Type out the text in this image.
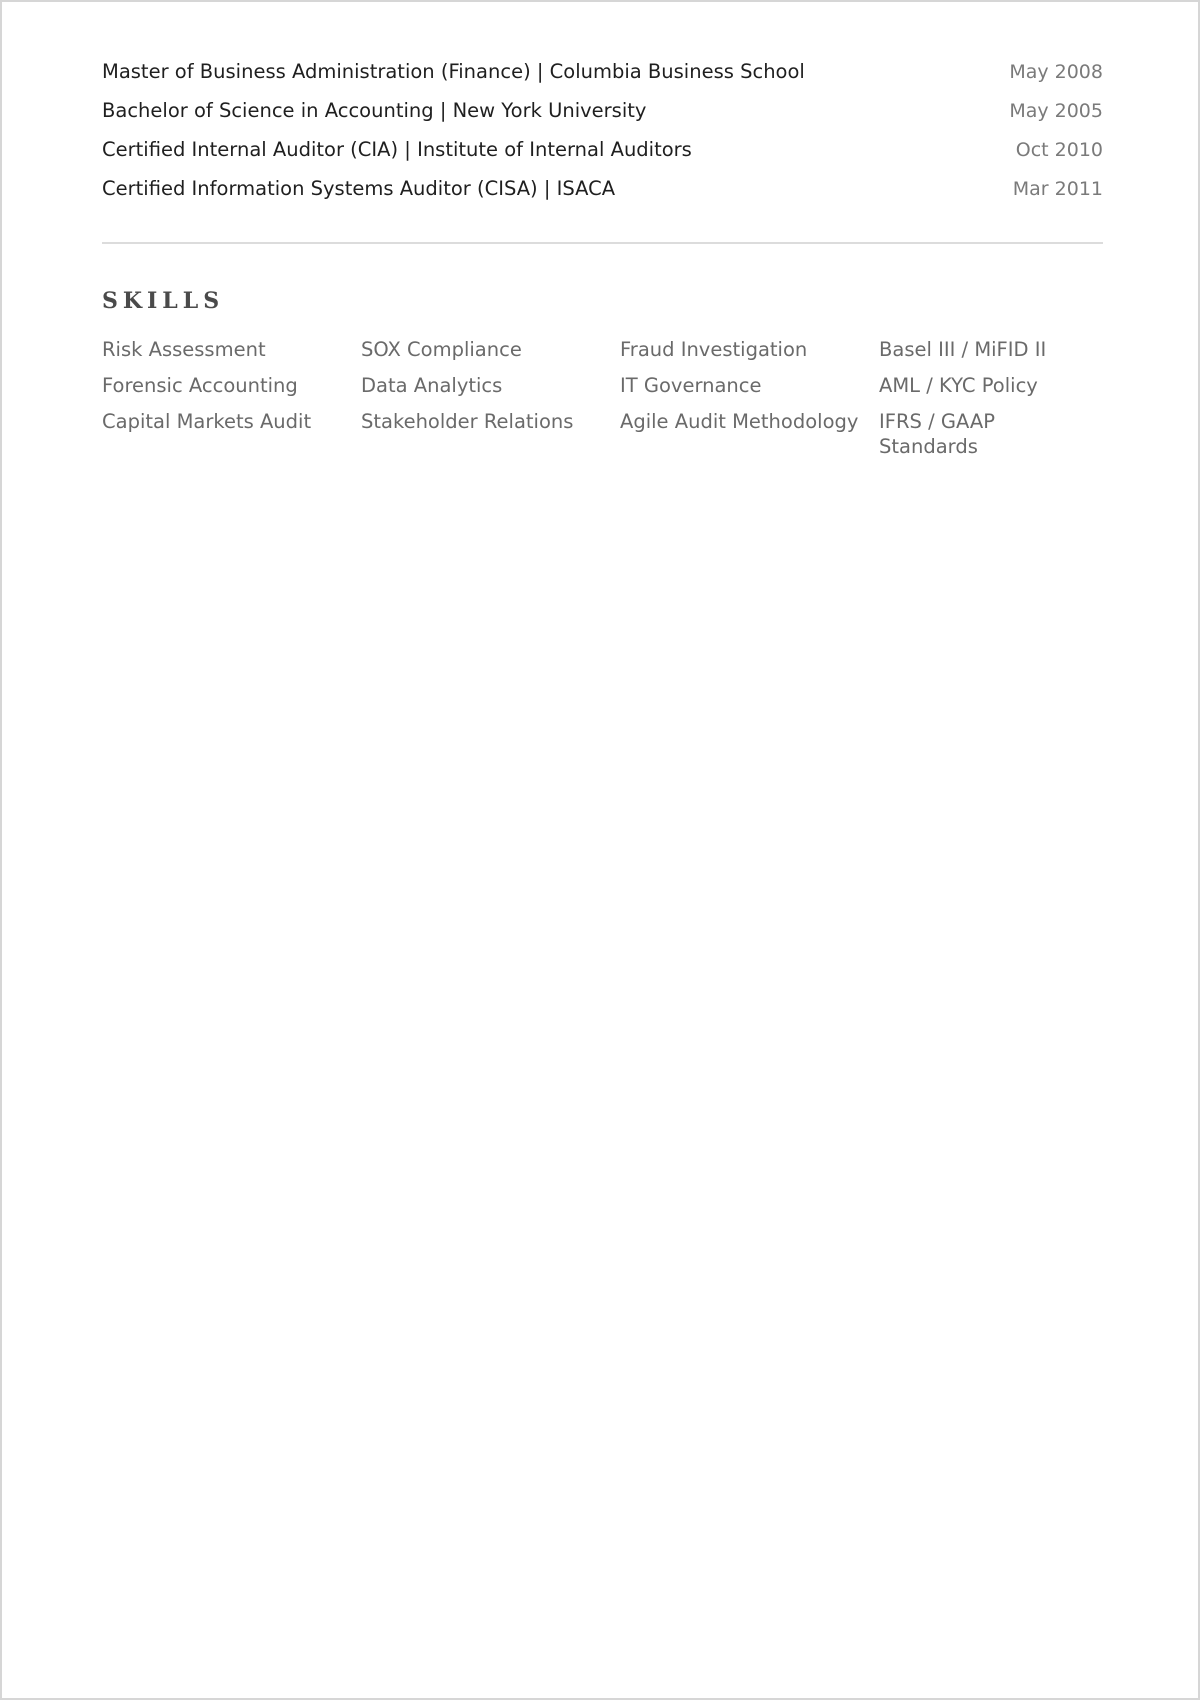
Master of Business Administration (Finance) | Columbia Business School	May 2008
Bachelor of Science in Accounting | New York University	May 2005
Certified Internal Auditor (CIA) | Institute of Internal Auditors	Oct 2010
Certified Information Systems Auditor (CISA) | ISACA	Mar 2011
SKILLS
Risk Assessment	SOX Compliance	Fraud Investigation	Basel III / MiFID II
Forensic Accounting	Data Analytics	IT Governance	AML / KYC Policy
Capital Markets Audit	Stakeholder Relations	Agile Audit Methodology	IFRS / GAAP Standards
